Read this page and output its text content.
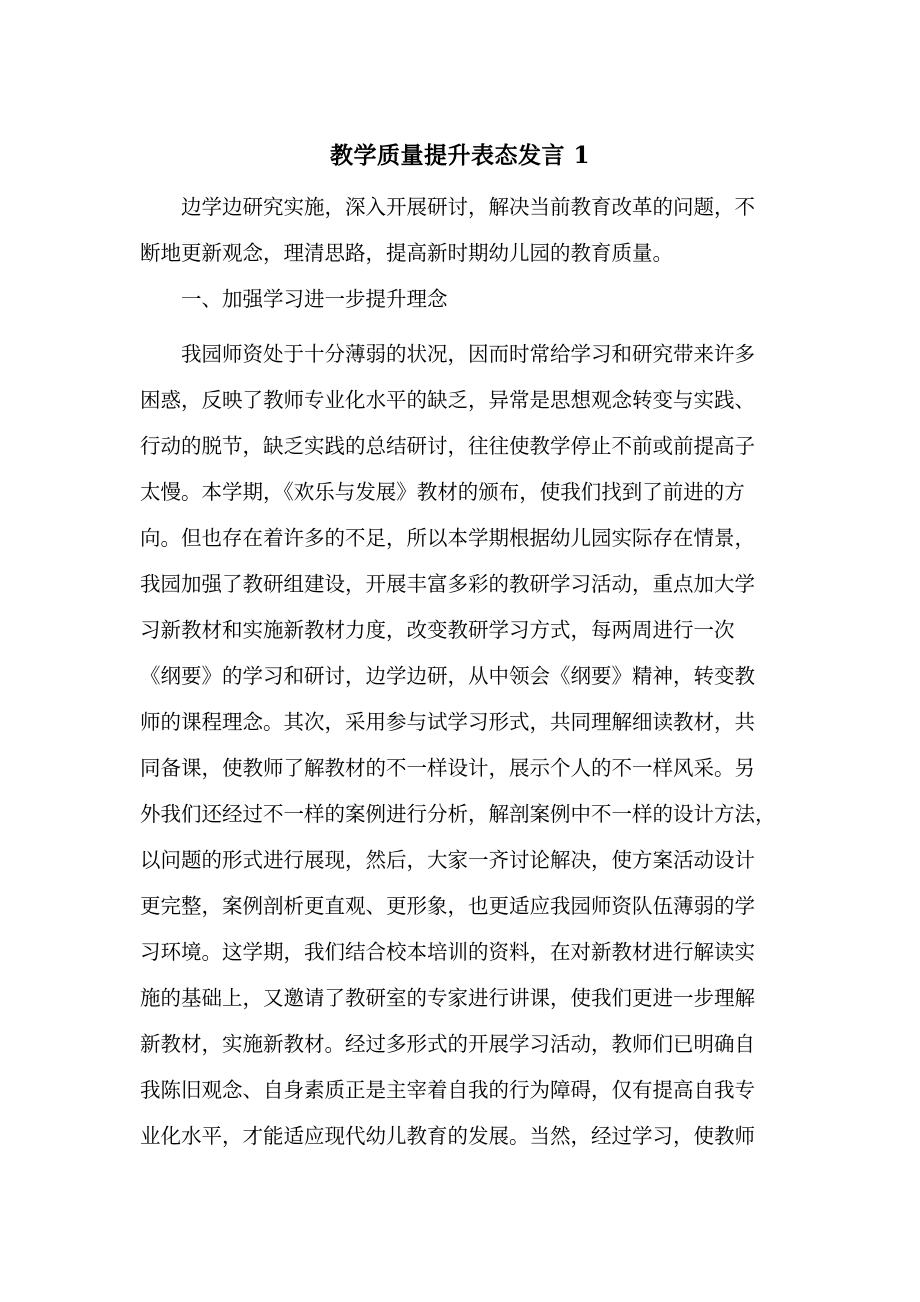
教学质量提升表态发言 1
边学边研究实施，深入开展研讨，解决当前教育改革的问题，不
断地更新观念，理清思路，提高新时期幼儿园的教育质量。
一、加强学习进一步提升理念
我园师资处于十分薄弱的状况，因而时常给学习和研究带来许多
困惑，反映了教师专业化水平的缺乏，异常是思想观念转变与实践、
行动的脱节，缺乏实践的总结研讨，往往使教学停止不前或前提高子
太慢。本学期，《欢乐与发展》教材的颁布，使我们找到了前进的方
向。但也存在着许多的不足，所以本学期根据幼儿园实际存在情景，
我园加强了教研组建设，开展丰富多彩的教研学习活动，重点加大学
习新教材和实施新教材力度，改变教研学习方式，每两周进行一次
《纲要》的学习和研讨，边学边研，从中领会《纲要》精神，转变教
师的课程理念。其次，采用参与试学习形式，共同理解细读教材，共
同备课，使教师了解教材的不一样设计，展示个人的不一样风采。另
外我们还经过不一样的案例进行分析，解剖案例中不一样的设计方法，
以问题的形式进行展现，然后，大家一齐讨论解决，使方案活动设计
更完整，案例剖析更直观、更形象，也更适应我园师资队伍薄弱的学
习环境。这学期，我们结合校本培训的资料，在对新教材进行解读实
施的基础上，又邀请了教研室的专家进行讲课，使我们更进一步理解
新教材，实施新教材。经过多形式的开展学习活动，教师们已明确自
我陈旧观念、自身素质正是主宰着自我的行为障碍，仅有提高自我专
业化水平，才能适应现代幼儿教育的发展。当然，经过学习，使教师
